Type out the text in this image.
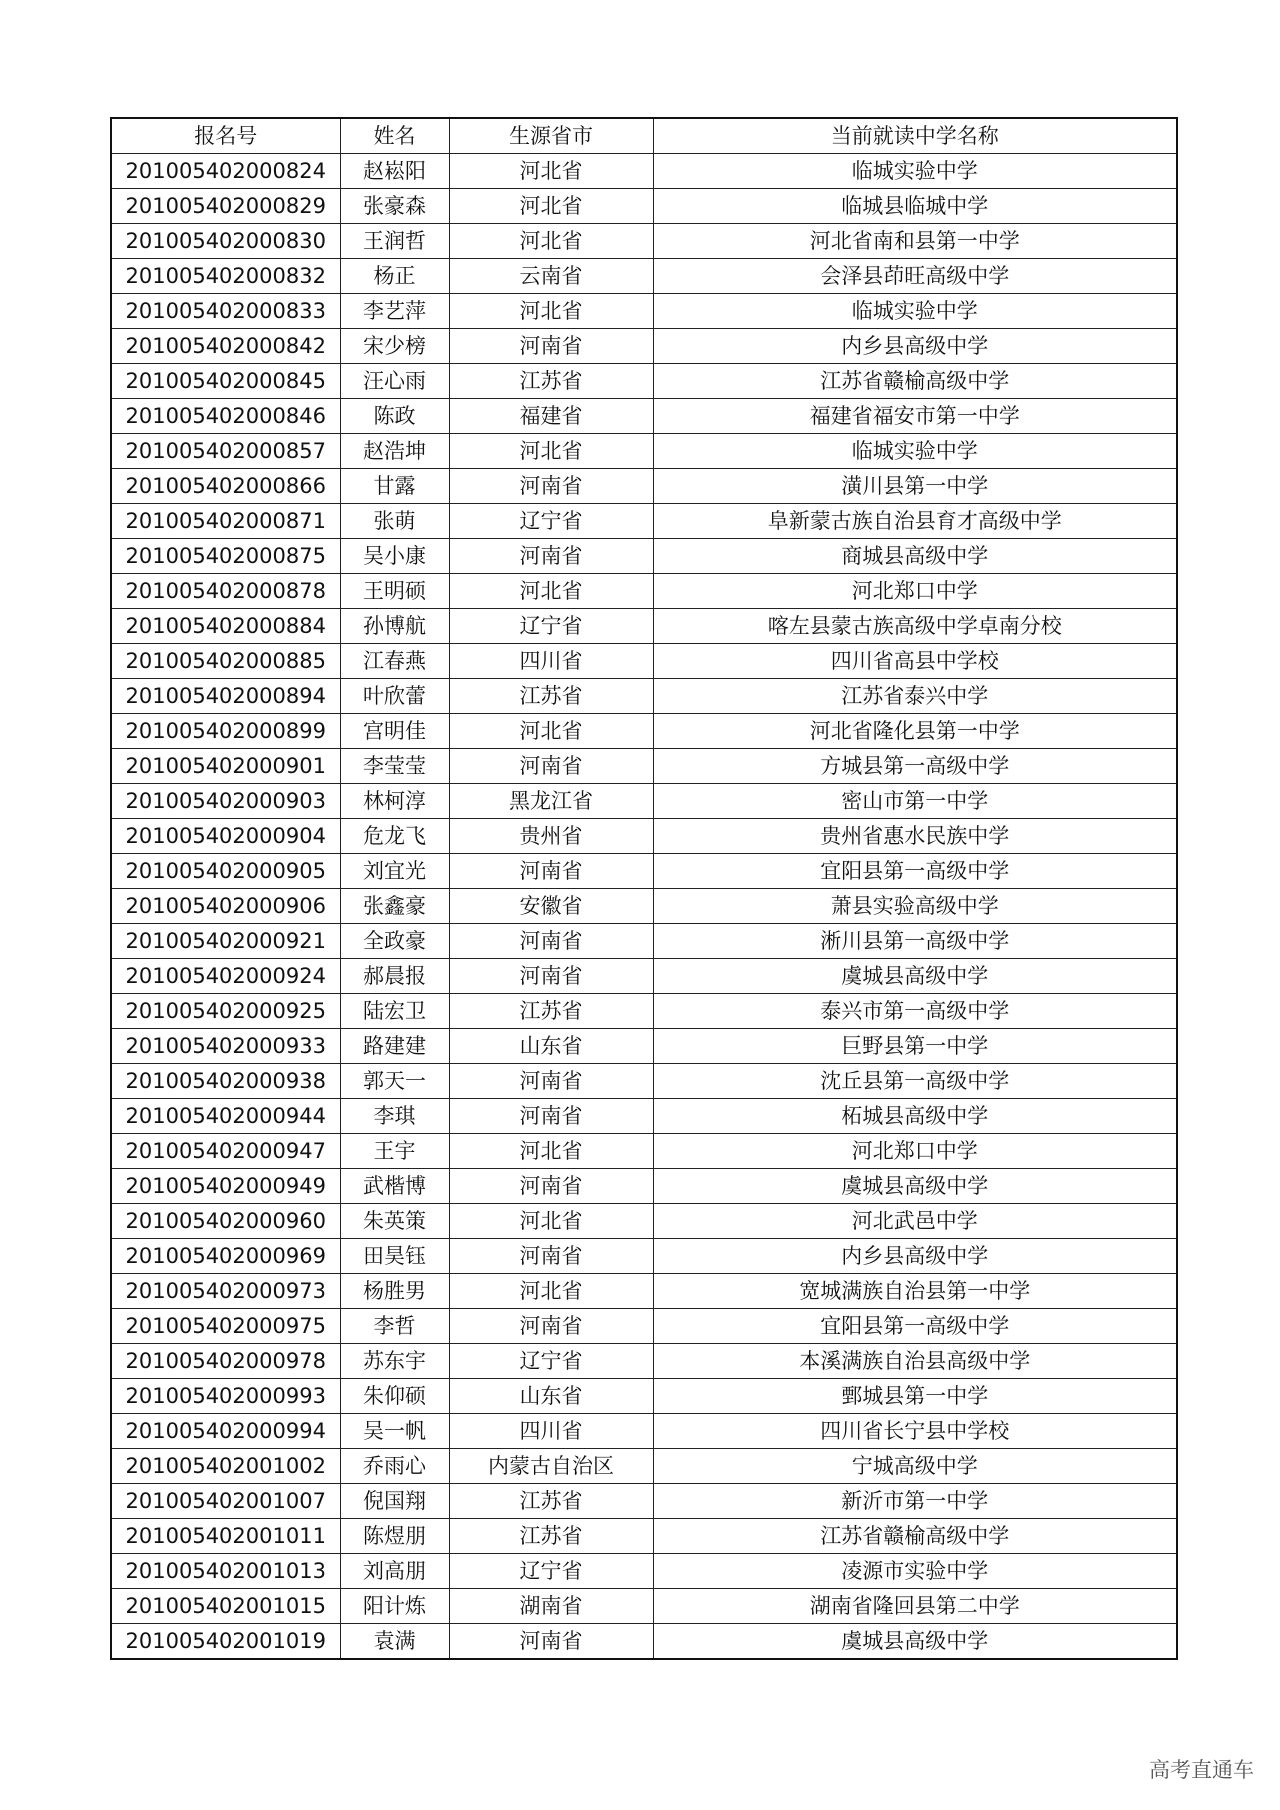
报名号	姓名	生源省市	当前就读中学名称
201005402000824	赵崧阳	河北省	临城实验中学
201005402000829	张豪森	河北省	临城县临城中学
201005402000830	王润哲	河北省	河北省南和县第一中学
201005402000832	杨正	云南省	会泽县茚旺高级中学
201005402000833	李艺萍	河北省	临城实验中学
201005402000842	宋少榜	河南省	内乡县高级中学
201005402000845	汪心雨	江苏省	江苏省赣榆高级中学
201005402000846	陈政	福建省	福建省福安市第一中学
201005402000857	赵浩坤	河北省	临城实验中学
201005402000866	甘露	河南省	潢川县第一中学
201005402000871	张萌	辽宁省	阜新蒙古族自治县育才高级中学
201005402000875	吴小康	河南省	商城县高级中学
201005402000878	王明硕	河北省	河北郑口中学
201005402000884	孙博航	辽宁省	喀左县蒙古族高级中学卓南分校
201005402000885	江春燕	四川省	四川省高县中学校
201005402000894	叶欣蕾	江苏省	江苏省泰兴中学
201005402000899	宫明佳	河北省	河北省隆化县第一中学
201005402000901	李莹莹	河南省	方城县第一高级中学
201005402000903	林柯淳	黑龙江省	密山市第一中学
201005402000904	危龙飞	贵州省	贵州省惠水民族中学
201005402000905	刘宜光	河南省	宜阳县第一高级中学
201005402000906	张鑫豪	安徽省	萧县实验高级中学
201005402000921	全政豪	河南省	淅川县第一高级中学
201005402000924	郝晨报	河南省	虞城县高级中学
201005402000925	陆宏卫	江苏省	泰兴市第一高级中学
201005402000933	路建建	山东省	巨野县第一中学
201005402000938	郭天一	河南省	沈丘县第一高级中学
201005402000944	李琪	河南省	柘城县高级中学
201005402000947	王宇	河北省	河北郑口中学
201005402000949	武楷博	河南省	虞城县高级中学
201005402000960	朱英策	河北省	河北武邑中学
201005402000969	田昊钰	河南省	内乡县高级中学
201005402000973	杨胜男	河北省	宽城满族自治县第一中学
201005402000975	李哲	河南省	宜阳县第一高级中学
201005402000978	苏东宇	辽宁省	本溪满族自治县高级中学
201005402000993	朱仰硕	山东省	鄄城县第一中学
201005402000994	吴一帆	四川省	四川省长宁县中学校
201005402001002	乔雨心	内蒙古自治区	宁城高级中学
201005402001007	倪国翔	江苏省	新沂市第一中学
201005402001011	陈煜朋	江苏省	江苏省赣榆高级中学
201005402001013	刘高朋	辽宁省	凌源市实验中学
201005402001015	阳计炼	湖南省	湖南省隆回县第二中学
201005402001019	袁满	河南省	虞城县高级中学
高考直通车
